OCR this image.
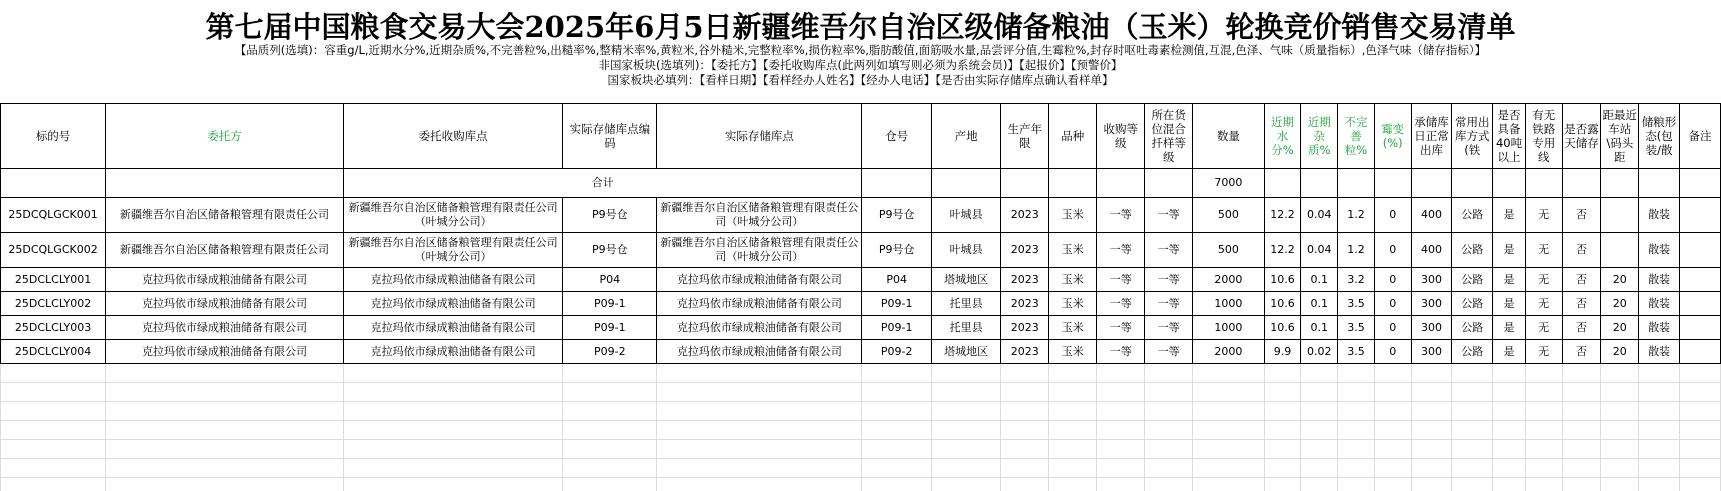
第七届中国粮食交易大会2025年6月5日新疆维吾尔自治区级储备粮油（玉米）轮换竞价销售交易清单
【品质列(选填)：容重g/L,近期水分%,近期杂质%,不完善粒%,出糙率%,整精米率%,黄粒米,谷外糙米,完整粒率%,损伤粒率%,脂肪酸值,面筋吸水量,品尝评分值,生霉粒%,封存时呕吐毒素检测值,互混,色泽、气味（质量指标）,色泽气味（储存指标）】
非国家板块(选填列)：【委托方】【委托收购库点(此两列如填写则必须为系统会员)】【起报价】【预警价】
国家板块必填列：【看样日期】【看样经办人姓名】【经办人电话】【是否由实际存储库点确认看样单】
标的号	委托方	委托收购库点	实际存储库点编码	实际存储库点	仓号	产地	生产年限	品种	收购等级	所在货位混合扦样等级	数量	近期水分%	近期杂质%	不完善粒%	霉变(%)	承储库日正常出库	常用出库方式(铁	是否具备40吨以上	有无铁路专用线	是否露天储存	距最近车站\码头距	储粮形态(包装/散	备注
		合计									7000												
25DCQLGCK001	新疆维吾尔自治区储备粮管理有限责任公司	新疆维吾尔自治区储备粮管理有限责任公司（叶城分公司）	P9号仓	新疆维吾尔自治区储备粮管理有限责任公司（叶城分公司）	P9号仓	叶城县	2023	玉米	一等	一等	500	12.2	0.04	1.2	0	400	公路	是	无	否		散装	
25DCQLGCK002	新疆维吾尔自治区储备粮管理有限责任公司	新疆维吾尔自治区储备粮管理有限责任公司（叶城分公司）	P9号仓	新疆维吾尔自治区储备粮管理有限责任公司（叶城分公司）	P9号仓	叶城县	2023	玉米	一等	一等	500	12.2	0.04	1.2	0	400	公路	是	无	否		散装	
25DCLCLY001	克拉玛依市绿成粮油储备有限公司	克拉玛依市绿成粮油储备有限公司	P04	克拉玛依市绿成粮油储备有限公司	P04	塔城地区	2023	玉米	一等	一等	2000	10.6	0.1	3.2	0	300	公路	是	无	否	20	散装	
25DCLCLY002	克拉玛依市绿成粮油储备有限公司	克拉玛依市绿成粮油储备有限公司	P09-1	克拉玛依市绿成粮油储备有限公司	P09-1	托里县	2023	玉米	一等	一等	1000	10.6	0.1	3.5	0	300	公路	是	无	否	20	散装	
25DCLCLY003	克拉玛依市绿成粮油储备有限公司	克拉玛依市绿成粮油储备有限公司	P09-1	克拉玛依市绿成粮油储备有限公司	P09-1	托里县	2023	玉米	一等	一等	1000	10.6	0.1	3.5	0	300	公路	是	无	否	20	散装	
25DCLCLY004	克拉玛依市绿成粮油储备有限公司	克拉玛依市绿成粮油储备有限公司	P09-2	克拉玛依市绿成粮油储备有限公司	P09-2	塔城地区	2023	玉米	一等	一等	2000	9.9	0.02	3.5	0	300	公路	是	无	否	20	散装	
